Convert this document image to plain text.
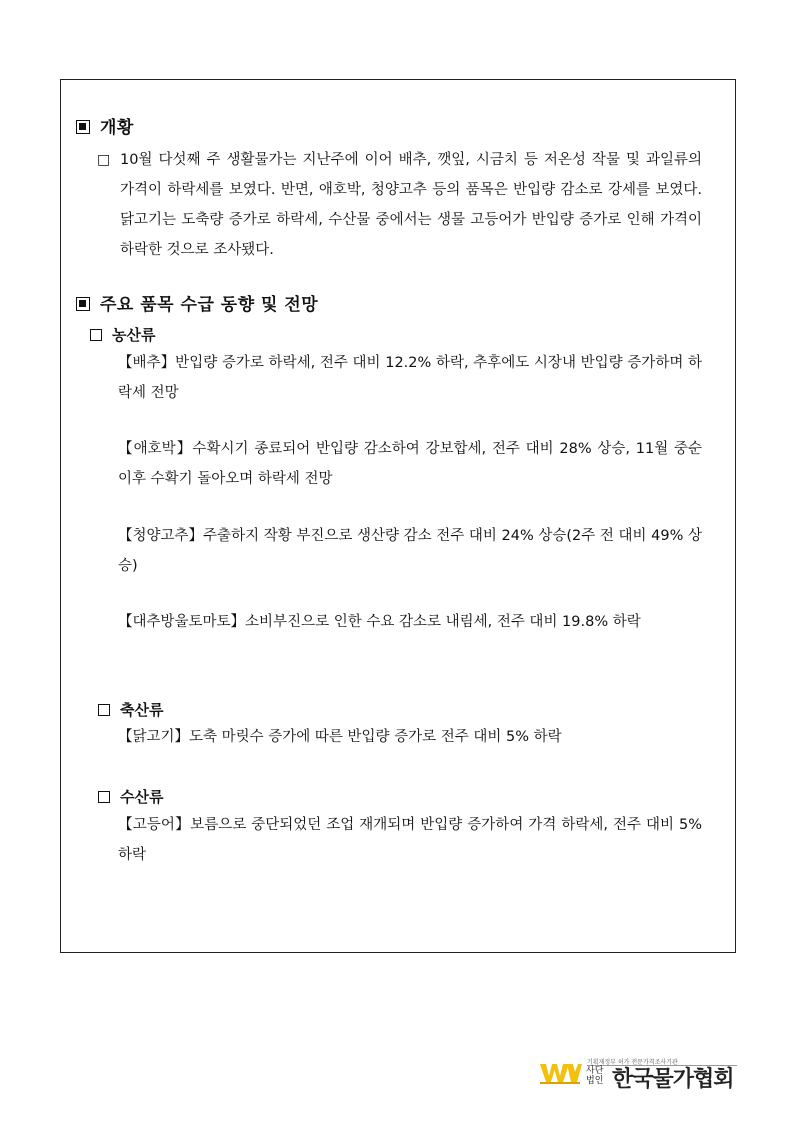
개황
□ 10월 다섯째 주 생활물가는 지난주에 이어 배추, 깻잎, 시금치 등 저온성 작물 및 과일류의 가격이 하락세를 보였다. 반면, 애호박, 청양고추 등의 품목은 반입량 감소로 강세를 보였다. 닭고기는 도축량 증가로 하락세, 수산물 중에서는 생물 고등어가 반입량 증가로 인해 가격이 하락한 것으로 조사됐다.
주요 품목 수급 동향 및 전망
농산류
【배추】반입량 증가로 하락세, 전주 대비 12.2% 하락, 추후에도 시장내 반입량 증가하며 하락세 전망
【애호박】수확시기 종료되어 반입량 감소하여 강보합세, 전주 대비 28% 상승, 11월 중순 이후 수확기 돌아오며 하락세 전망
【청양고추】주출하지 작황 부진으로 생산량 감소 전주 대비 24% 상승(2주 전 대비 49% 상승)
【대추방울토마토】소비부진으로 인한 수요 감소로 내림세, 전주 대비 19.8% 하락
축산류
【닭고기】도축 마릿수 증가에 따른 반입량 증가로 전주 대비 5% 하락
수산류
【고등어】보름으로 중단되었던 조업 재개되며 반입량 증가하여 가격 하락세, 전주 대비 5% 하락
기획재정부 허가 전문가격조사기관
사단법인 한국물가협회
